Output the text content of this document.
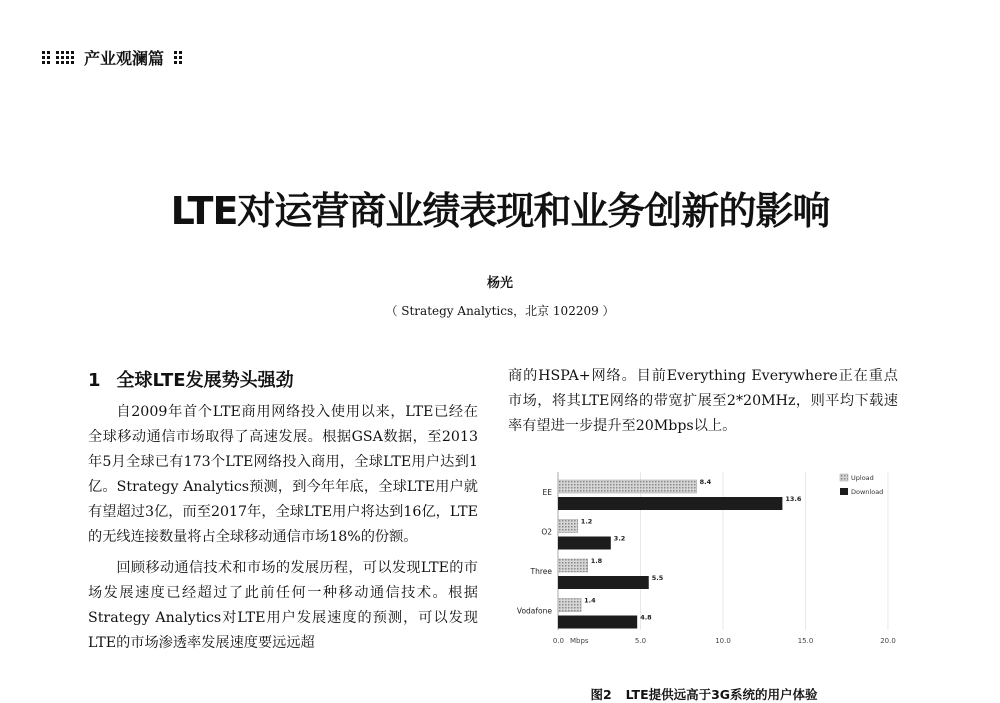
产业观澜篇
LTE对运营商业绩表现和业务创新的影响
杨光
（ Strategy Analytics，北京 102209 ）
1 全球LTE发展势头强劲

自2009年首个LTE商用网络投入使用以来，LTE已经在全球移动通信市场取得了高速发展。根据GSA数据，至2013年5月全球已有173个LTE网络投入商用，全球LTE用户达到1亿。Strategy Analytics预测，到今年年底，全球LTE用户就有望超过3亿，而至2017年，全球LTE用户将达到16亿，LTE的无线连接数量将占全球移动通信市场18%的份额。

回顾移动通信技术和市场的发展历程，可以发现LTE的市场发展速度已经超过了此前任何一种移动通信技术。根据Strategy Analytics对LTE用户发展速度的预测，可以发现LTE的市场渗透率发展速度要远远超

商的HSPA+网络。目前Everything Everywhere正在重点市场，将其LTE网络的带宽扩展至2*20MHz，则平均下载速率有望进一步提升至20Mbps以上。

0.0	5.0	10.0	15.0	20.0
Mbps
EE
8.4
13.6
O2
1.2
3.2
Three
1.8
5.5
Vodafone
1.4
4.8
Upload
Download
图2 LTE提供远高于3G系统的用户体验
